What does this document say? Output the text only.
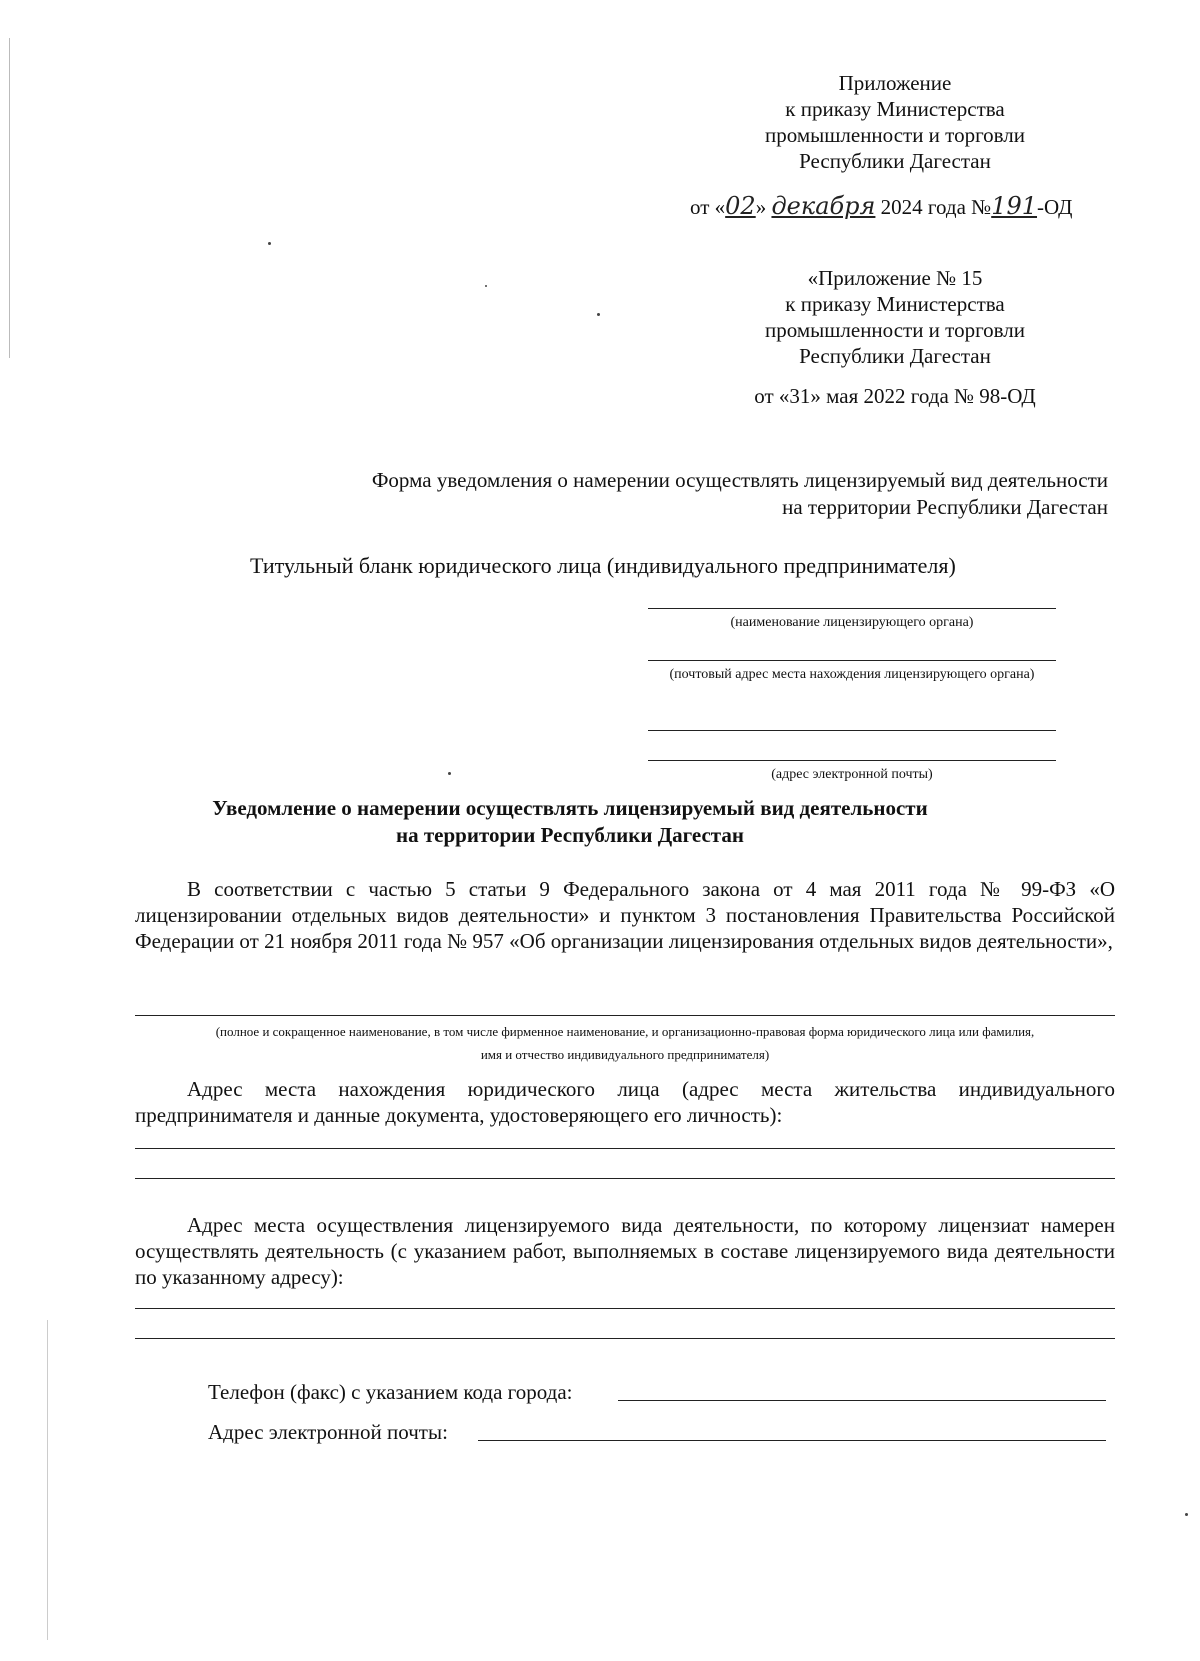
Приложение
к приказу Министерства
промышленности и торговли
Республики Дагестан
от «02» декабря 2024 года №191-ОД
«Приложение № 15
к приказу Министерства
промышленности и торговли
Республики Дагестан
от «31» мая 2022 года № 98-ОД
Форма уведомления о намерении осуществлять лицензируемый вид деятельности
на территории Республики Дагестан
Титульный бланк юридического лица (индивидуального предпринимателя)
(наименование лицензирующего органа)
(почтовый адрес места нахождения лицензирующего органа)
(адрес электронной почты)
Уведомление о намерении осуществлять лицензируемый вид деятельности
на территории Республики Дагестан
В соответствии с частью 5 статьи 9 Федерального закона от 4 мая 2011 года № 99-ФЗ «О лицензировании отдельных видов деятельности» и пунктом 3 постановления Правительства Российской Федерации от 21 ноября 2011 года № 957 «Об организации лицензирования отдельных видов деятельности»,
(полное и сокращенное наименование, в том числе фирменное наименование, и организационно-правовая форма юридического лица или фамилия,
имя и отчество индивидуального предпринимателя)
Адрес места нахождения юридического лица (адрес места жительства индивидуального предпринимателя и данные документа, удостоверяющего его личность):
Адрес места осуществления лицензируемого вида деятельности, по которому лицензиат намерен осуществлять деятельность (с указанием работ, выполняемых в составе лицензируемого вида деятельности по указанному адресу):
Телефон (факс) с указанием кода города:
Адрес электронной почты:
